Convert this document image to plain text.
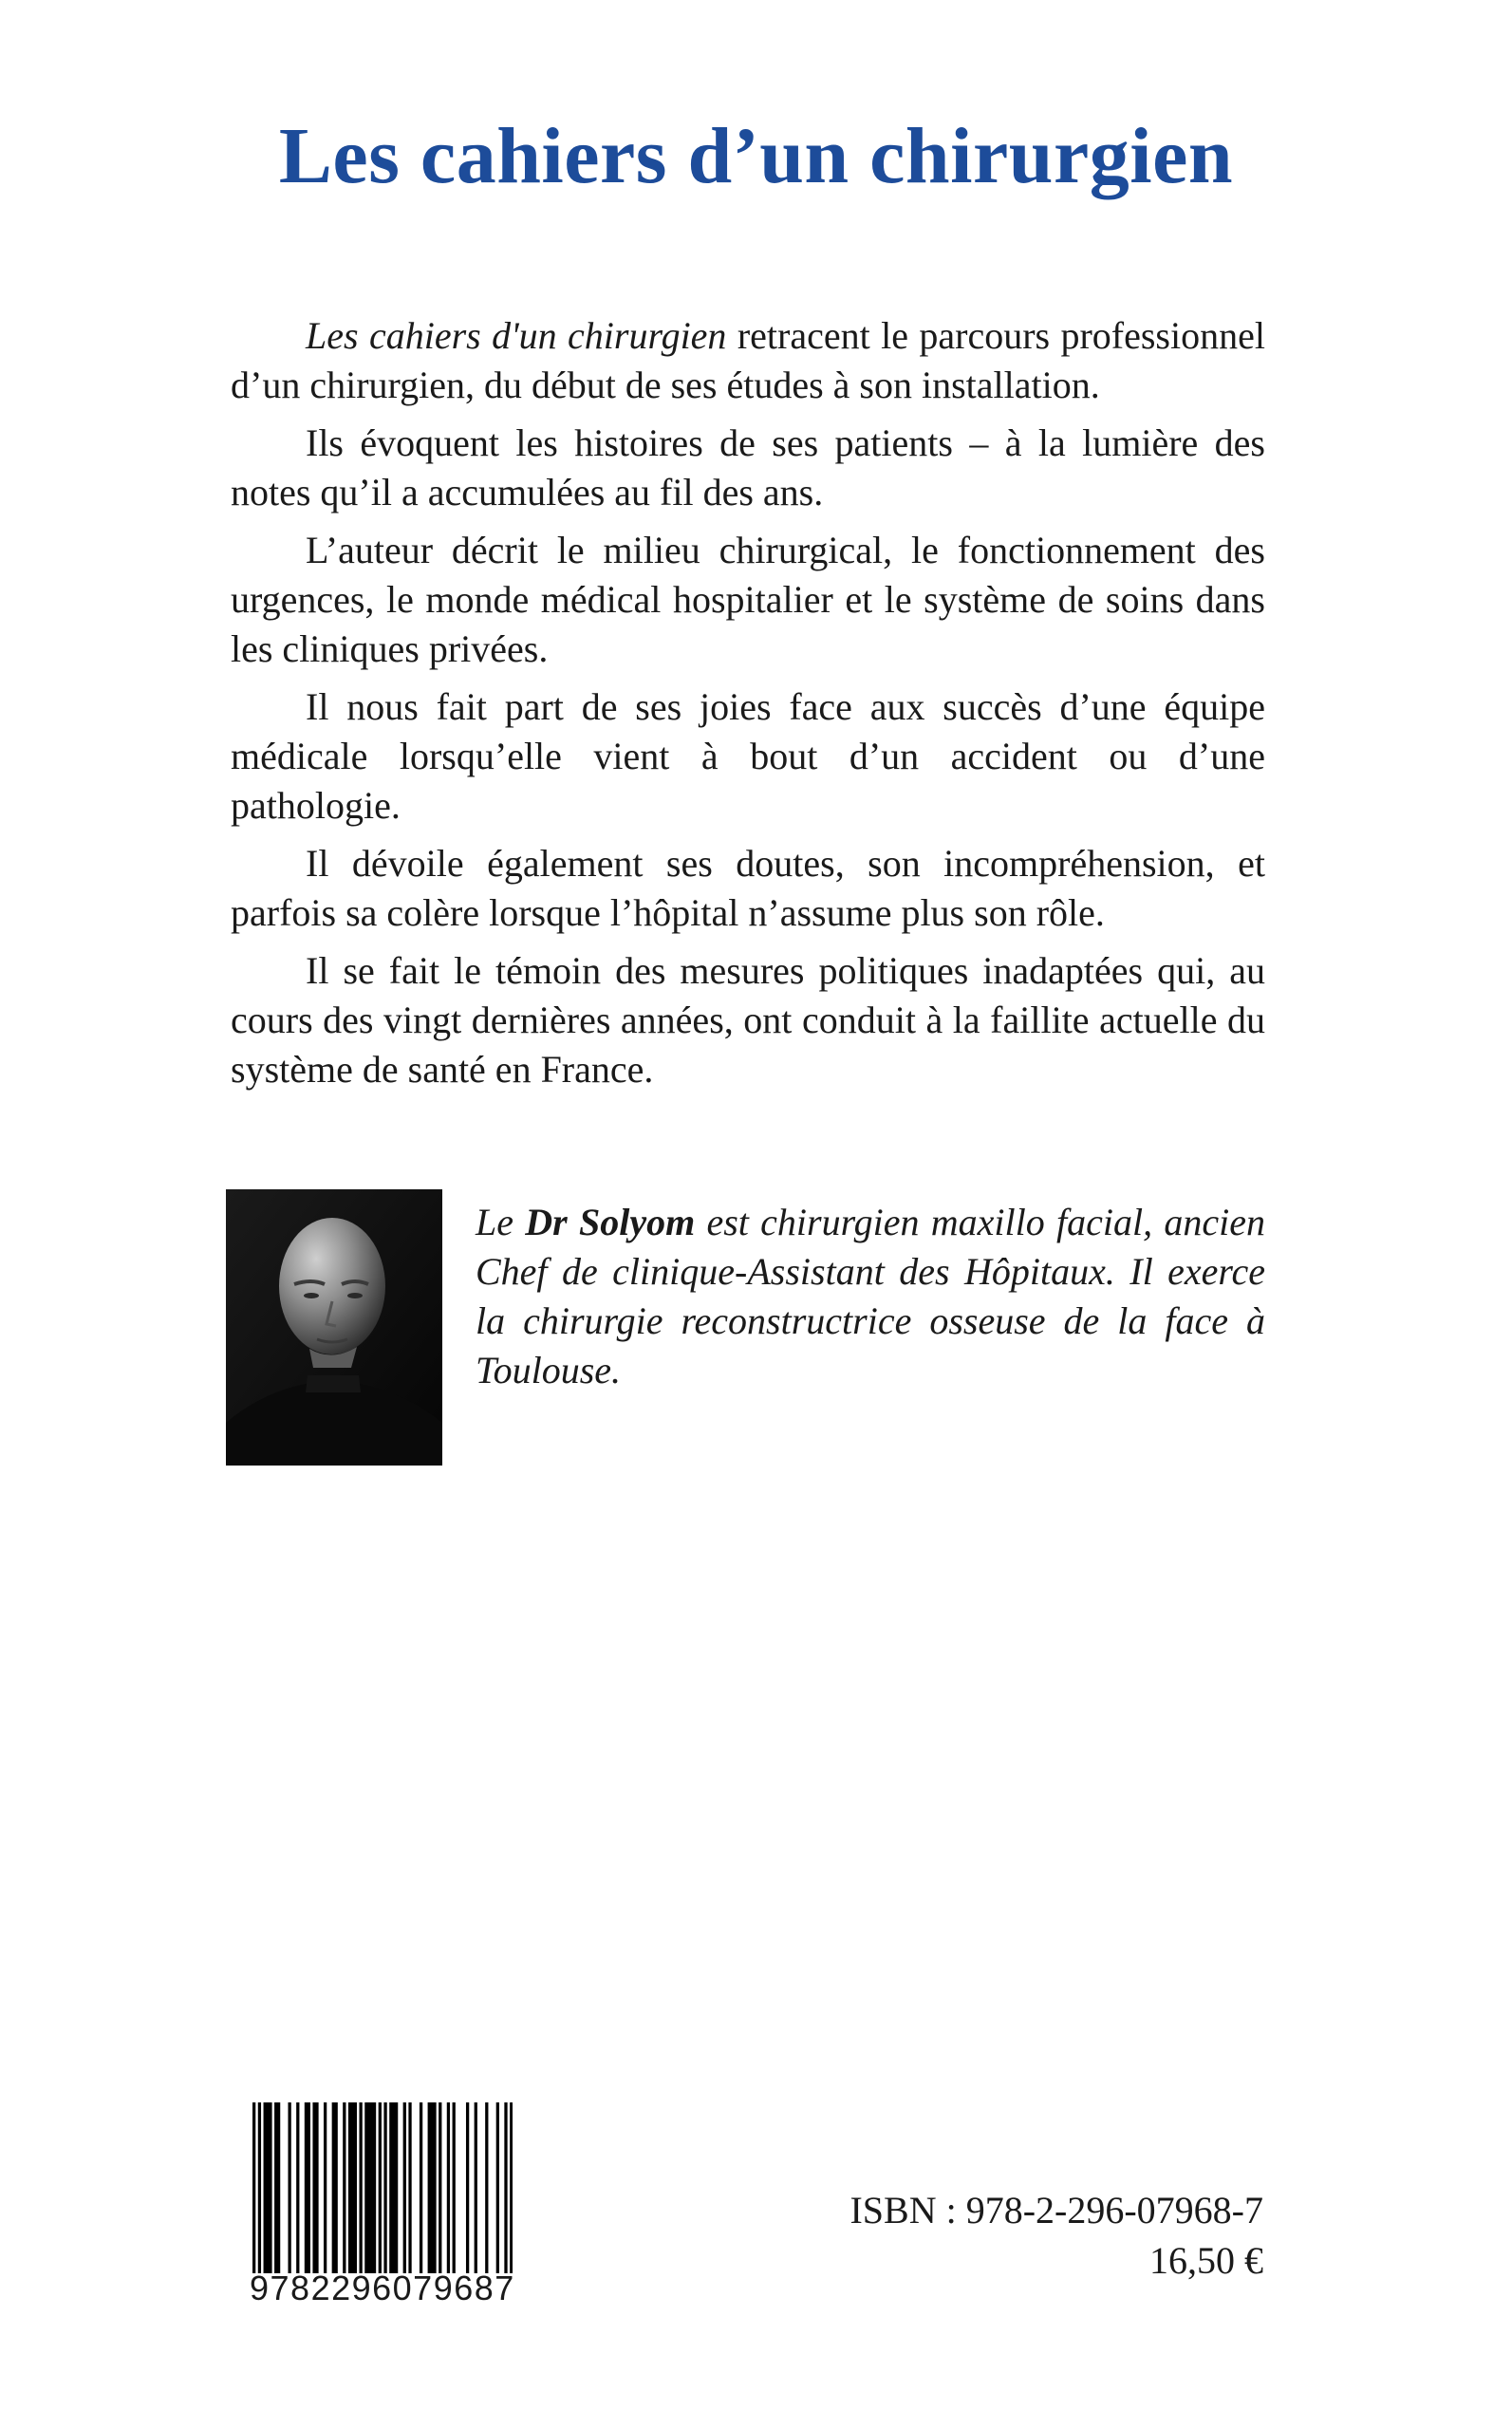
Les cahiers d’un chirurgien

Les cahiers d'un chirurgien retracent le parcours professionnel d’un chirurgien, du début de ses études à son installation.

Ils évoquent les histoires de ses patients – à la lumière des notes qu’il a accumulées au fil des ans.

L’auteur décrit le milieu chirurgical, le fonctionnement des urgences, le monde médical hospitalier et le système de soins dans les cliniques privées.

Il nous fait part de ses joies face aux succès d’une équipe médicale lorsqu’elle vient à bout d’un accident ou d’une pathologie.

Il dévoile également ses doutes, son incompréhension, et parfois sa colère lorsque l’hôpital n’assume plus son rôle.

Il se fait le témoin des mesures politiques inadaptées qui, au cours des vingt dernières années, ont conduit à la faillite actuelle du système de santé en France.

Le Dr Solyom est chirurgien maxillo facial, ancien Chef de clinique-Assistant des Hôpitaux. Il exerce la chirurgie reconstructrice osseuse de la face à Toulouse.

9782296079687
ISBN : 978-2-296-07968-7
16,50 €
